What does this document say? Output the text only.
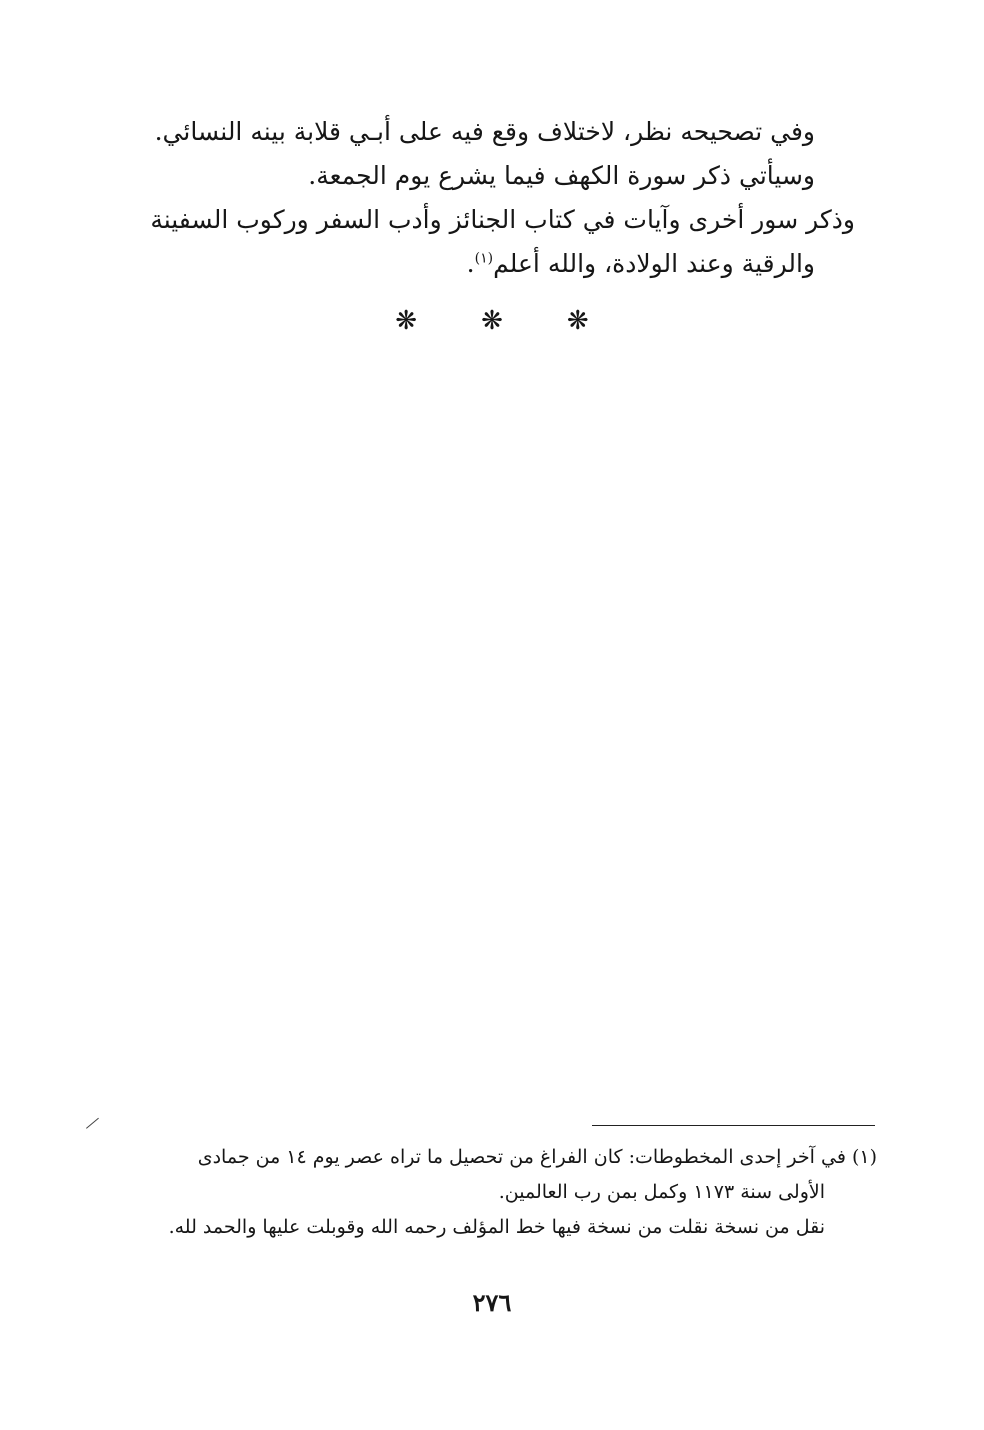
وفي تصحيحه نظر، لاختلاف وقع فيه على أبـي قلابة بينه النسائي.
وسيأتي ذكر سورة الكهف فيما يشرع يوم الجمعة.
وذكر سور أخرى وآيات في كتاب الجنائز وأدب السفر وركوب السفينة
والرقية وعند الولادة، والله أعلم$^{(١)}$.
❋❋❋
(١) في آخر إحدى المخطوطات: كان الفراغ من تحصيل ما تراه عصر يوم ١٤ من جمادى
الأولى سنة ١١٧٣ وكمل بمن رب العالمين.
نقل من نسخة نقلت من نسخة فيها خط المؤلف رحمه الله وقوبلت عليها والحمد لله.
٢٧٦
